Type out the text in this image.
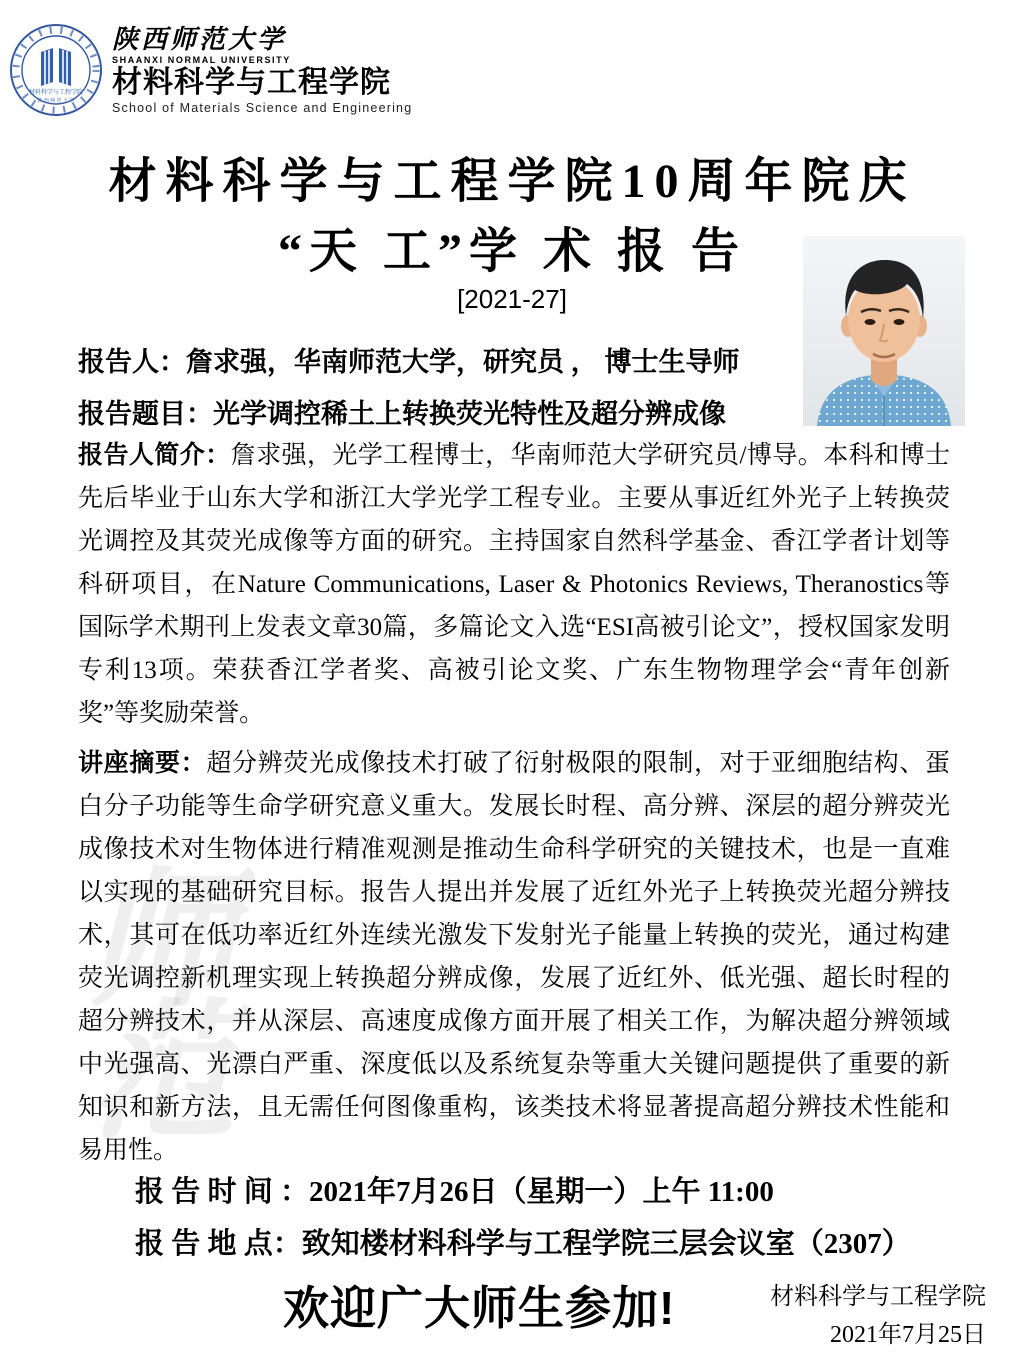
师范
材料科学与工程学院
陕 西 师 范 大 学
陕西师范大学
SHAANXI NORMAL UNIVERSITY
材料科学与工程学院
School of Materials Science and Engineering
材料科学与工程学院10周年院庆
“天 工”学 术 报 告
[2021-27]
报告人：詹求强，华南师范大学，研究员 ， 博士生导师
报告题目：光学调控稀土上转换荧光特性及超分辨成像

报告人简介：詹求强，光学工程博士，华南师范大学研究员/博导。本科和博士先后毕业于山东大学和浙江大学光学工程专业。主要从事近红外光子上转换荧光调控及其荧光成像等方面的研究。主持国家自然科学基金、香江学者计划等科研项目，在Nature Communications, Laser & Photonics Reviews, Theranostics等国际学术期刊上发表文章30篇，多篇论文入选“ESI高被引论文”，授权国家发明专利13项。荣获香江学者奖、高被引论文奖、广东生物物理学会“青年创新奖”等奖励荣誉。

讲座摘要：超分辨荧光成像技术打破了衍射极限的限制，对于亚细胞结构、蛋白分子功能等生命学研究意义重大。发展长时程、高分辨、深层的超分辨荧光成像技术对生物体进行精准观测是推动生命科学研究的关键技术，也是一直难以实现的基础研究目标。报告人提出并发展了近红外光子上转换荧光超分辨技术，其可在低功率近红外连续光激发下发射光子能量上转换的荧光，通过构建荧光调控新机理实现上转换超分辨成像，发展了近红外、低光强、超长时程的超分辨技术，并从深层、高速度成像方面开展了相关工作，为解决超分辨领域中光强高、光漂白严重、深度低以及系统复杂等重大关键问题提供了重要的新知识和新方法，且无需任何图像重构，该类技术将显著提高超分辨技术性能和易用性。

报 告 时 间 ：2021年7月26日（星期一）上午 11:00
报 告 地 点：致知楼材料科学与工程学院三层会议室（2307）
欢迎广大师生参加!	材料科学与工程学院
2021年7月25日
